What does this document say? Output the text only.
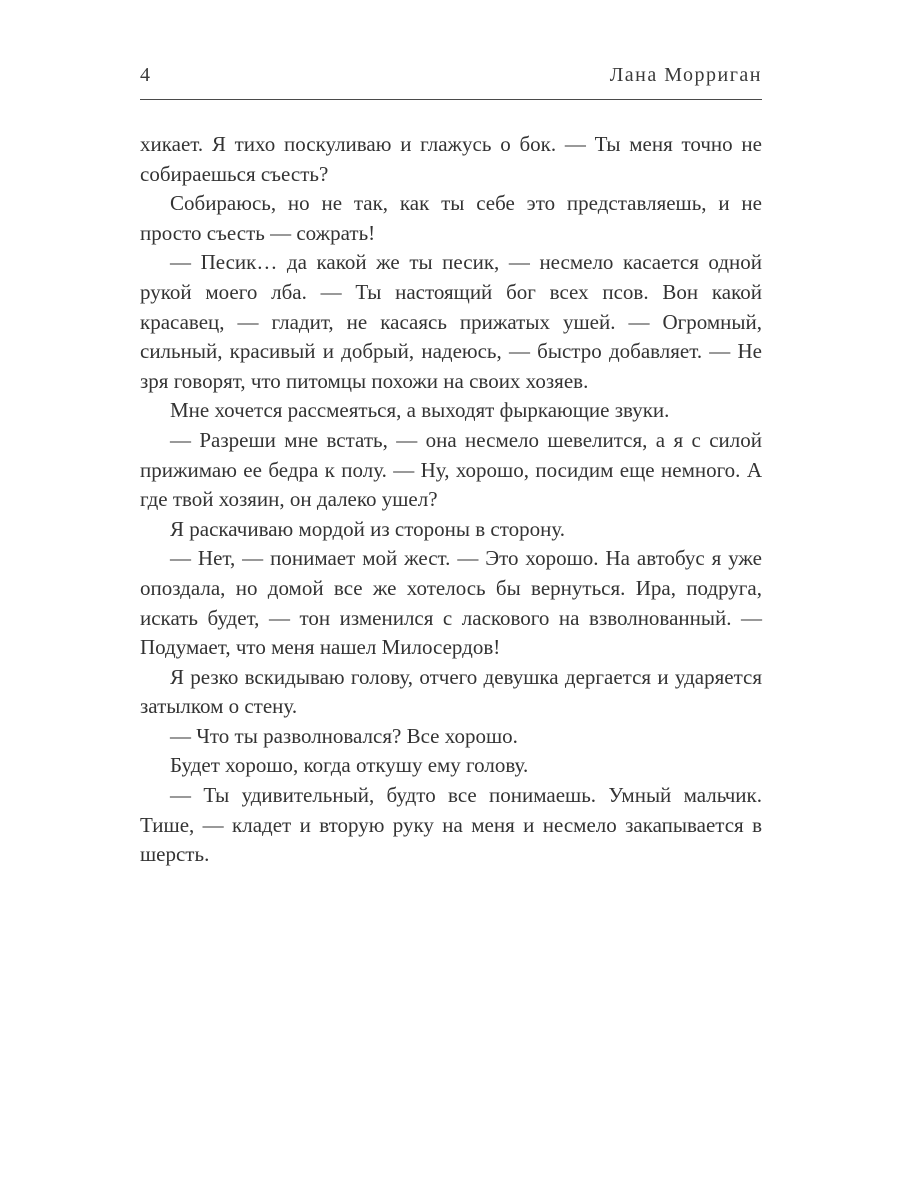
4	Лана Морриган

хикает. Я тихо поскуливаю и глажусь о бок. — Ты меня точно не собираешься съесть?

Собираюсь, но не так, как ты себе это представляешь, и не просто съесть — сожрать!

— Песик… да какой же ты песик, — несмело касается одной рукой моего лба. — Ты настоящий бог всех псов. Вон какой красавец, — гладит, не касаясь прижатых ушей. — Огромный, сильный, красивый и добрый, надеюсь, — быстро добавляет. — Не зря говорят, что питомцы похожи на своих хозяев.

Мне хочется рассмеяться, а выходят фыркающие звуки.

— Разреши мне встать, — она несмело шевелится, а я с силой прижимаю ее бедра к полу. — Ну, хорошо, посидим еще немного. А где твой хозяин, он далеко ушел?

Я раскачиваю мордой из стороны в сторону.

— Нет, — понимает мой жест. — Это хорошо. На автобус я уже опоздала, но домой все же хотелось бы вернуться. Ира, подруга, искать будет, — тон изменился с ласкового на взволнованный. — Подумает, что меня нашел Милосердов!

Я резко вскидываю голову, отчего девушка дергается и ударяется затылком о стену.

— Что ты разволновался? Все хорошо.

Будет хорошо, когда откушу ему голову.

— Ты удивительный, будто все понимаешь. Умный мальчик. Тише, — кладет и вторую руку на меня и несмело закапывается в шерсть.
